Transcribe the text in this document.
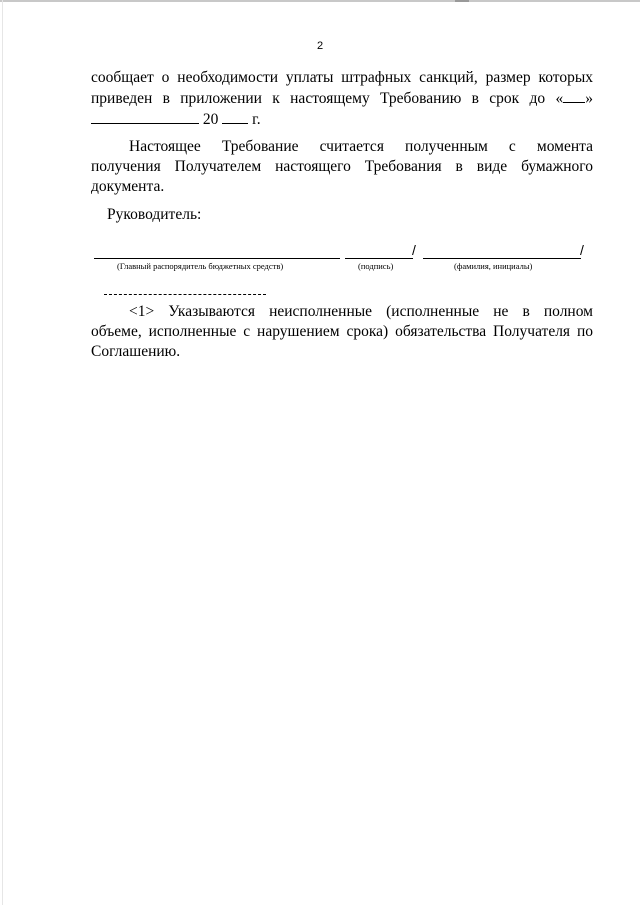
2
сообщает о необходимости уплаты штрафных санкций, размер которых
приведен в приложении к настоящему Требованию в срок до « »
20 г.
Настоящее Требование считается полученным с момента
получения Получателем настоящего Требования в виде бумажного
документа.
Руководитель:
/	/
(Главный распорядитель бюджетных средств)	(подпись)	(фамилия, инициалы)
<1> Указываются неисполненные (исполненные не в полном
объеме, исполненные с нарушением срока) обязательства Получателя по
Соглашению.
